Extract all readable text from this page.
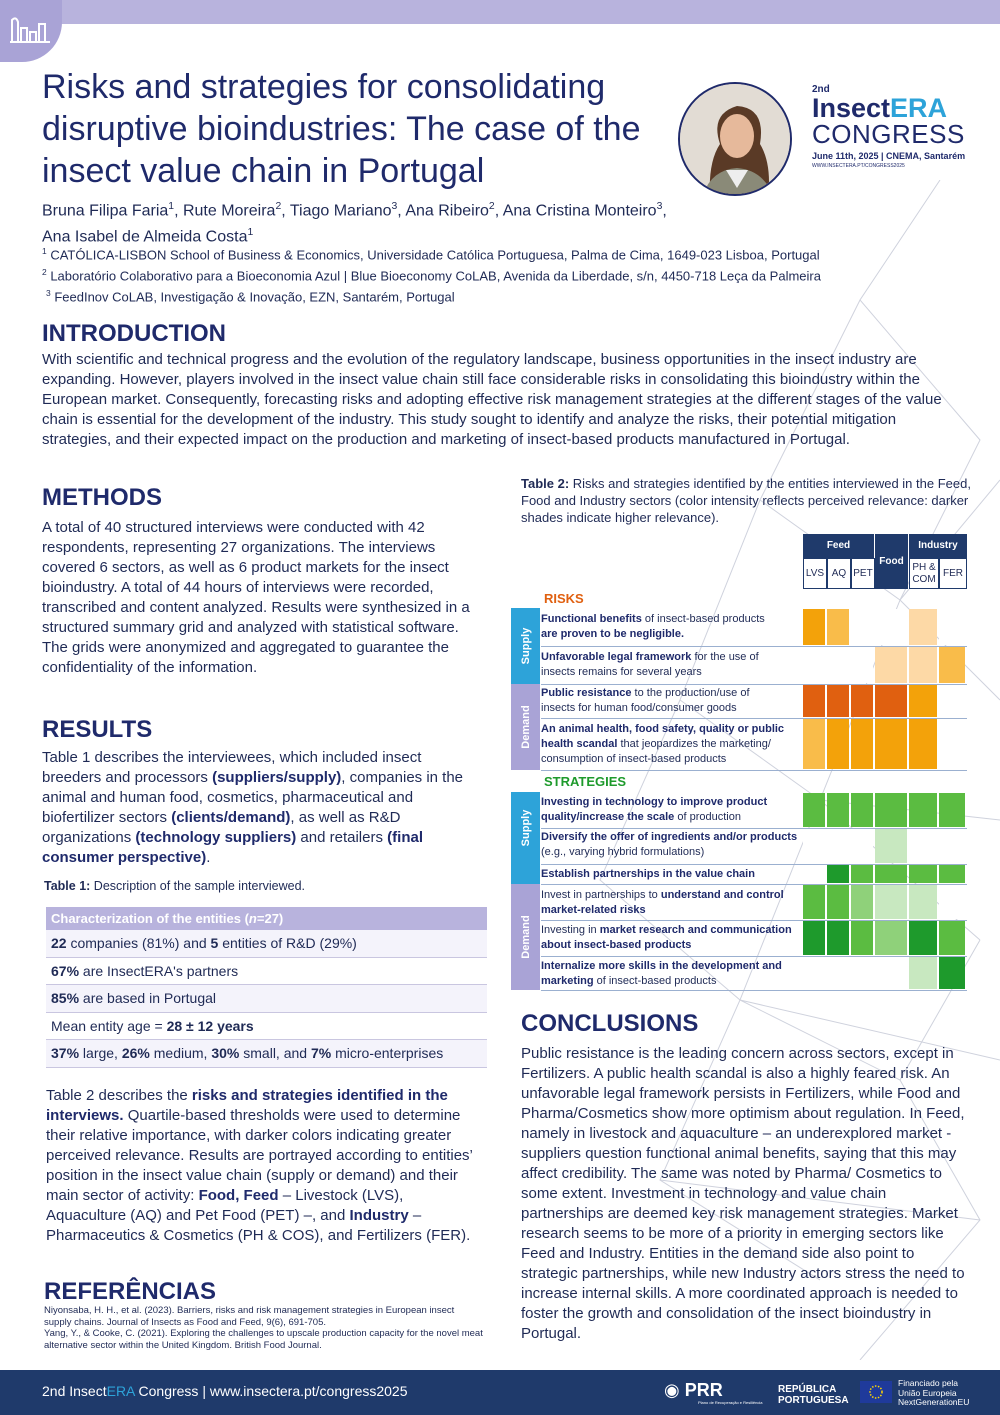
Risks and strategies for consolidating disruptive bioindustries: The case of the insect value chain in Portugal
2nd
InsectERA
CONGRESS
June 11th, 2025 | CNEMA, Santarém
WWW.INSECTERA.PT/CONGRESS2025
Bruna Filipa Faria$^1$, Rute Moreira$^2$, Tiago Mariano$^3$, Ana Ribeiro$^2$, Ana Cristina Monteiro$^3$,
Ana Isabel de Almeida Costa$^1$
$^1$ CATÓLICA-LISBON School of Business & Economics, Universidade Católica Portuguesa, Palma de Cima, 1649-023 Lisboa, Portugal
$^2$ Laboratório Colaborativo para a Bioeconomia Azul | Blue Bioeconomy CoLAB, Avenida da Liberdade, s/n, 4450-718 Leça da Palmeira
$^3$ FeedInov CoLAB, Investigação & Inovação, EZN, Santarém, Portugal
INTRODUCTION
With scientific and technical progress and the evolution of the regulatory landscape, business opportunities in the insect industry are expanding. However, players involved in the insect value chain still face considerable risks in consolidating this bioindustry within the European market. Consequently, forecasting risks and adopting effective risk management strategies at the different stages of the value chain is essential for the development of the industry. This study sought to identify and analyze the risks, their potential mitigation strategies, and their expected impact on the production and marketing of insect-based products manufactured in Portugal.
METHODS
A total of 40 structured interviews were conducted with 42 respondents, representing 27 organizations. The interviews covered 6 sectors, as well as 6 product markets for the insect bioindustry. A total of 44 hours of interviews were recorded, transcribed and content analyzed. Results were synthesized in a structured summary grid and analyzed with statistical software. The grids were anonymized and aggregated to guarantee the confidentiality of the information.
RESULTS
Table 1 describes the interviewees, which included insect breeders and processors (suppliers/supply), companies in the animal and human food, cosmetics, pharmaceutical and biofertilizer sectors (clients/demand), as well as R&D organizations (technology suppliers) and retailers (final consumer perspective).
Table 1: Description of the sample interviewed.
Characterization of the entities (n=27)
22 companies (81%) and 5 entities of R&D (29%)
67% are InsectERA's partners
85% are based in Portugal
Mean entity age = 28 ± 12 years
37% large, 26% medium, 30% small, and 7% micro-enterprises
Table 2 describes the risks and strategies identified in the interviews. Quartile-based thresholds were used to determine their relative importance, with darker colors indicating greater perceived relevance. Results are portrayed according to entities’ position in the insect value chain (supply or demand) and their main sector of activity: Food, Feed – Livestock (LVS), Aquaculture (AQ) and Pet Food (PET) –, and Industry – Pharmaceutics & Cosmetics (PH & COS), and Fertilizers (FER).
REFERÊNCIAS
Niyonsaba, H. H., et al. (2023). Barriers, risks and risk management strategies in European insect supply chains. Journal of Insects as Food and Feed, 9(6), 691-705.
Yang, Y., & Cooke, C. (2021). Exploring the challenges to upscale production capacity for the novel meat alternative sector within the United Kingdom. British Food Journal.
Table 2: Risks and strategies identified by the entities interviewed in the Feed, Food and Industry sectors (color intensity reflects perceived relevance: darker shades indicate higher relevance).
Feed
Food
Industry
LVS AQ PET
PH & COM
FER
RISKS
STRATEGIES
Supply
Demand
Supply
Demand
Functional benefits of insect-based products
are proven to be negligible.
Unfavorable legal framework for the use of
insects remains for several years
Public resistance to the production/use of
insects for human food/consumer goods
An animal health, food safety, quality or public health scandal that jeopardizes the marketing/
consumption of insect-based products
Investing in technology to improve product quality/increase the scale of production
Diversify the offer of ingredients and/or products (e.g., varying hybrid formulations)
Establish partnerships in the value chain
Invest in partnerships to understand and control market-related risks
Investing in market research and communication about insect-based products
Internalize more skills in the development and marketing of insect-based products
CONCLUSIONS
Public resistance is the leading concern across sectors, except in Fertilizers. A public health scandal is also a highly feared risk. An unfavorable legal framework persists in Fertilizers, while Food and Pharma/Cosmetics show more optimism about regulation. In Feed, namely in livestock and aquaculture – an underexplored market - suppliers question functional animal benefits, saying that this may affect credibility. The same was noted by Pharma/ Cosmetics to some extent. Investment in technology and value chain partnerships are deemed key risk management strategies. Market research seems to be more of a priority in emerging sectors like Feed and Industry. Entities in the demand side also point to strategic partnerships, while new Industry actors stress the need to increase internal skills. A more coordinated approach is needed to foster the growth and consolidation of the insect bioindustry in Portugal.
2nd InsectERA Congress | www.insectera.pt/congress2025	◉ PRR
Plano de Recuperação e Resiliência
REPÚBLICA
PORTUGUESA
Financiado pela
União Europeia
NextGenerationEU
